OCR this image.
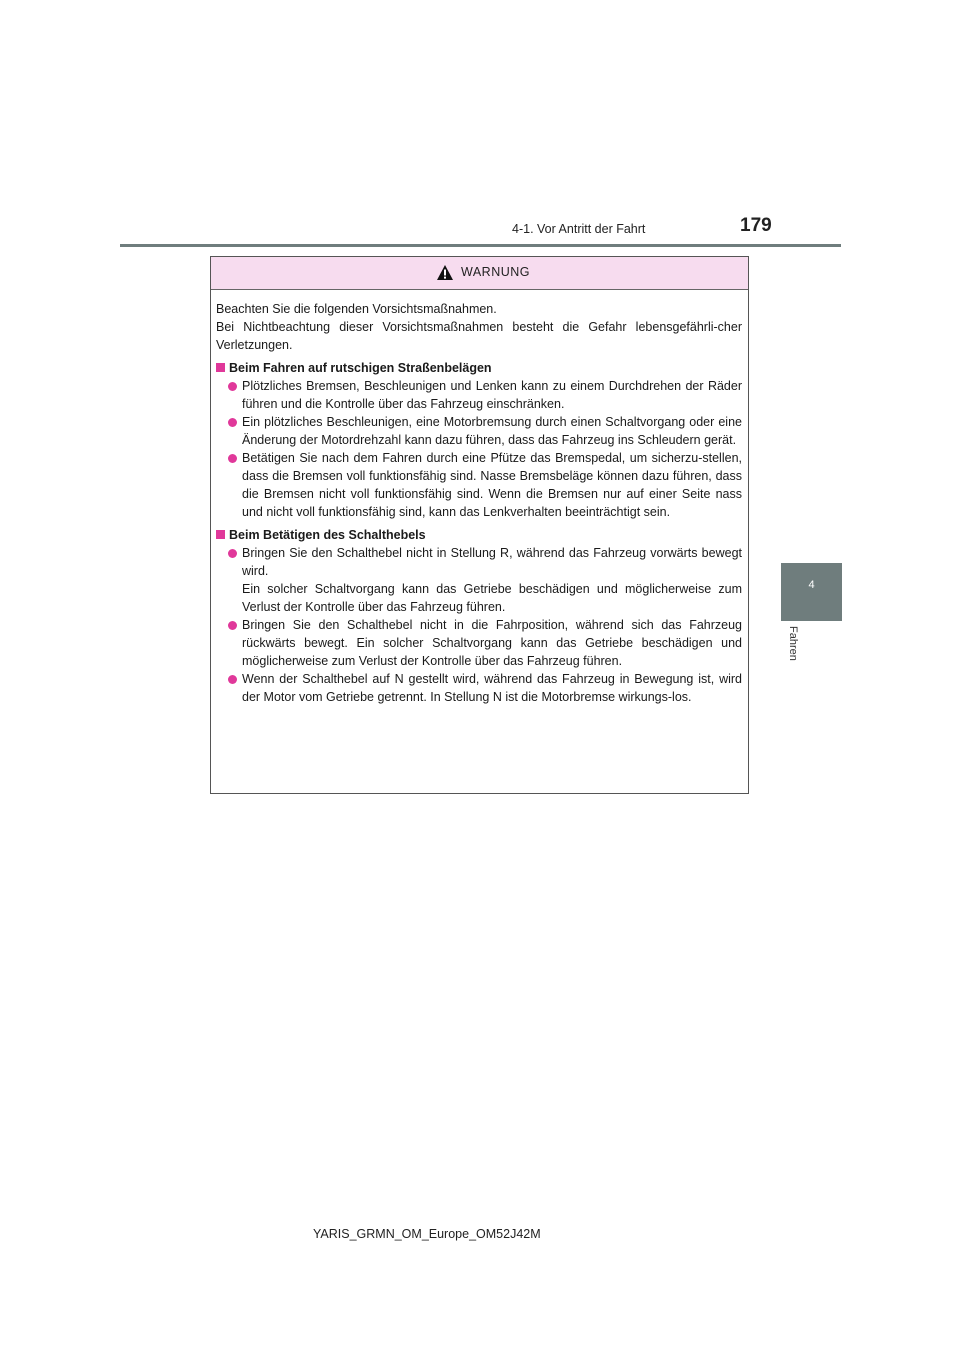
4-1. Vor Antritt der Fahrt	179
4
Fahren
WARNUNG

Beachten Sie die folgenden Vorsichtsmaßnahmen.

Bei Nichtbeachtung dieser Vorsichtsmaßnahmen besteht die Gefahr lebensgefährli-cher Verletzungen.

Beim Fahren auf rutschigen Straßenbelägen

Plötzliches Bremsen, Beschleunigen und Lenken kann zu einem Durchdrehen der Räder führen und die Kontrolle über das Fahrzeug einschränken.

Ein plötzliches Beschleunigen, eine Motorbremsung durch einen Schaltvorgang oder eine Änderung der Motordrehzahl kann dazu führen, dass das Fahrzeug ins Schleudern gerät.

Betätigen Sie nach dem Fahren durch eine Pfütze das Bremspedal, um sicherzu-stellen, dass die Bremsen voll funktionsfähig sind. Nasse Bremsbeläge können dazu führen, dass die Bremsen nicht voll funktionsfähig sind. Wenn die Bremsen nur auf einer Seite nass und nicht voll funktionsfähig sind, kann das Lenkverhalten beeinträchtigt sein.

Beim Betätigen des Schalthebels

Bringen Sie den Schalthebel nicht in Stellung R, während das Fahrzeug vorwärts bewegt wird.
Ein solcher Schaltvorgang kann das Getriebe beschädigen und möglicherweise zum Verlust der Kontrolle über das Fahrzeug führen.

Bringen Sie den Schalthebel nicht in die Fahrposition, während sich das Fahrzeug rückwärts bewegt. Ein solcher Schaltvorgang kann das Getriebe beschädigen und möglicherweise zum Verlust der Kontrolle über das Fahrzeug führen.

Wenn der Schalthebel auf N gestellt wird, während das Fahrzeug in Bewegung ist, wird der Motor vom Getriebe getrennt. In Stellung N ist die Motorbremse wirkungs-los.

YARIS_GRMN_OM_Europe_OM52J42M
